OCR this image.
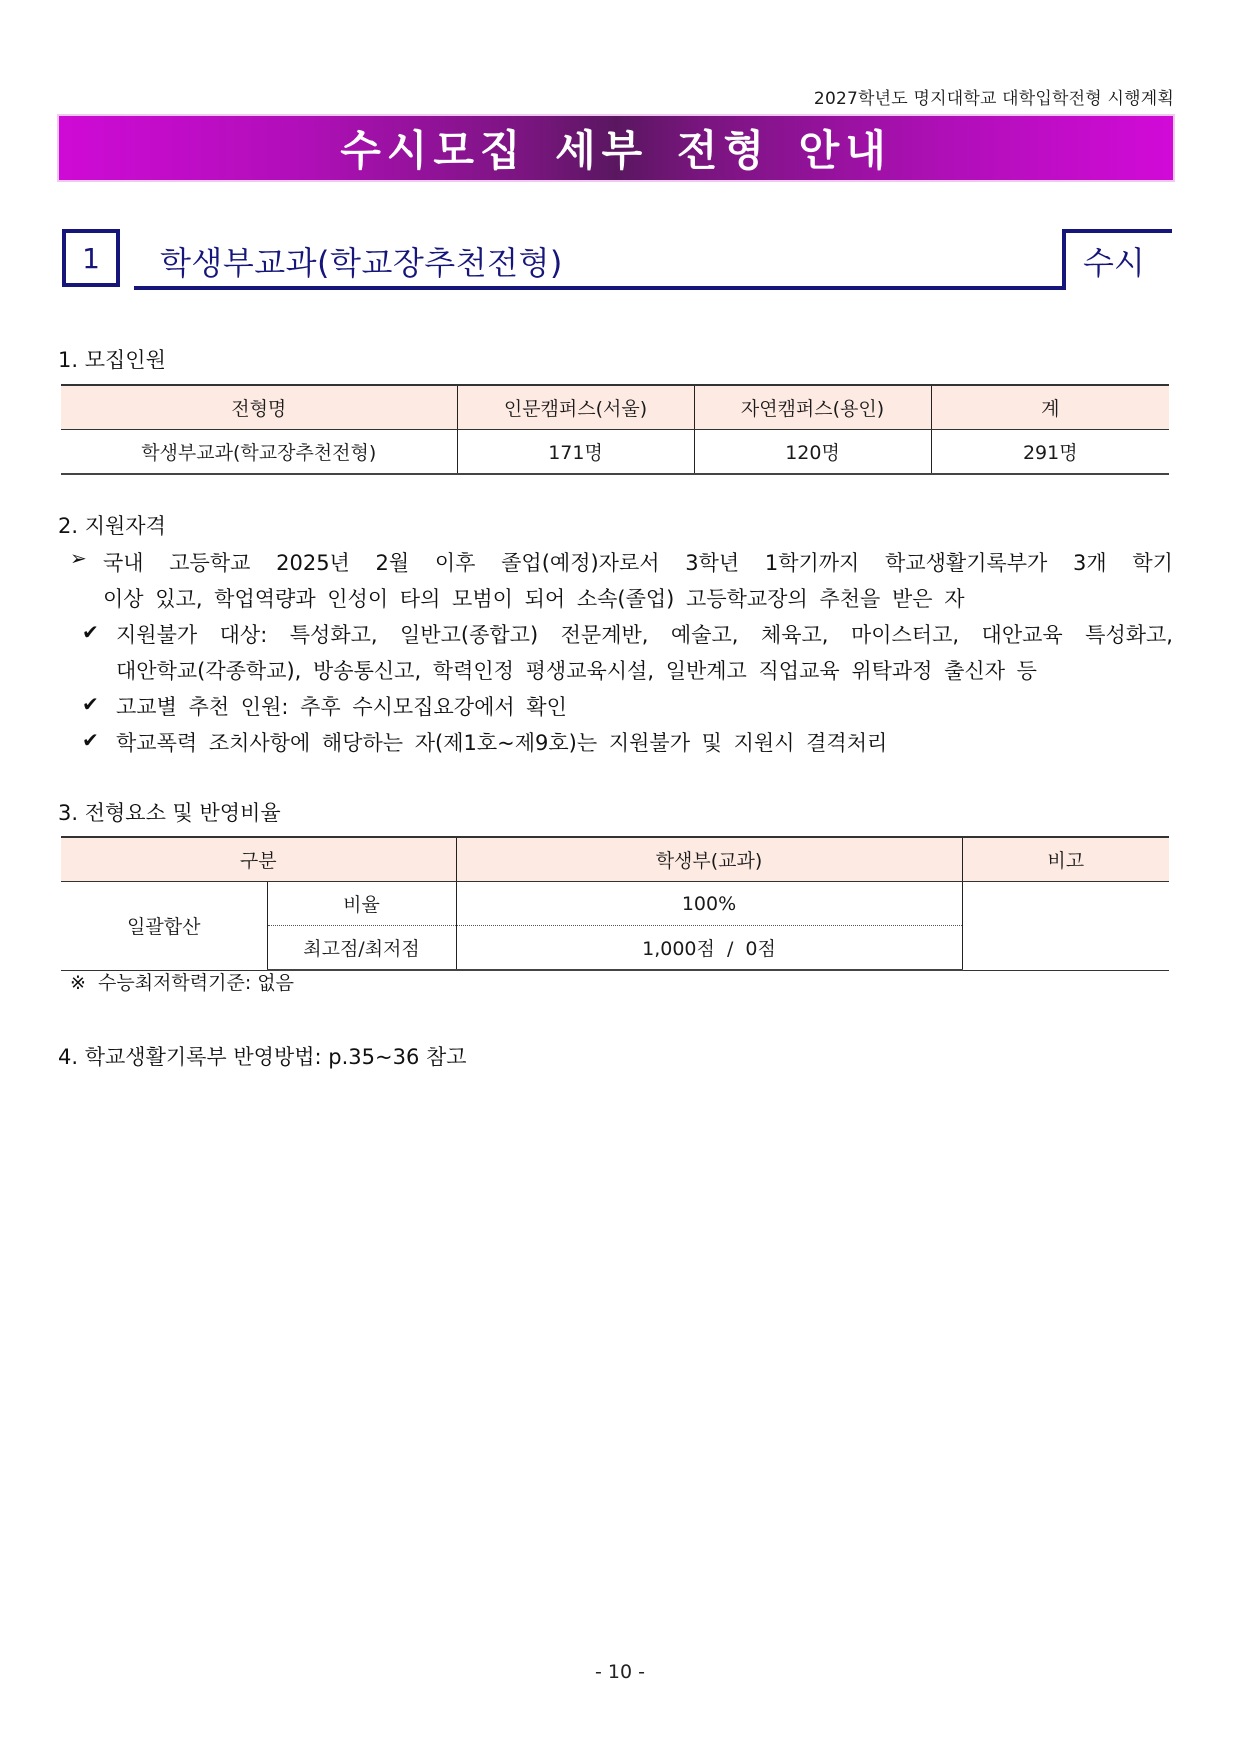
2027학년도 명지대학교 대학입학전형 시행계획
수시모집 세부 전형 안내
1	학생부교과(학교장추천전형)	수시
1. 모집인원
전형명	인문캠퍼스(서울)	자연캠퍼스(용인)	계
학생부교과(학교장추천전형)	171명	120명	291명
2. 지원자격
➢ 국내 고등학교 2025년 2월 이후 졸업(예정)자로서 3학년 1학기까지 학교생활기록부가 3개 학기
이상 있고, 학업역량과 인성이 타의 모범이 되어 소속(졸업) 고등학교장의 추천을 받은 자
✔ 지원불가 대상: 특성화고, 일반고(종합고) 전문계반, 예술고, 체육고, 마이스터고, 대안교육 특성화고,
대안학교(각종학교), 방송통신고, 학력인정 평생교육시설, 일반계고 직업교육 위탁과정 출신자 등
✔ 고교별 추천 인원: 추후 수시모집요강에서 확인
✔ 학교폭력 조치사항에 해당하는 자(제1호~제9호)는 지원불가 및 지원시 결격처리
3. 전형요소 및 반영비율
구분		학생부(교과)	비고
일괄합산	비율	100%	
	최고점/최저점	1,000점  /  0점	
※  수능최저학력기준: 없음
4. 학교생활기록부 반영방법: p.35~36 참고
- 10 -
